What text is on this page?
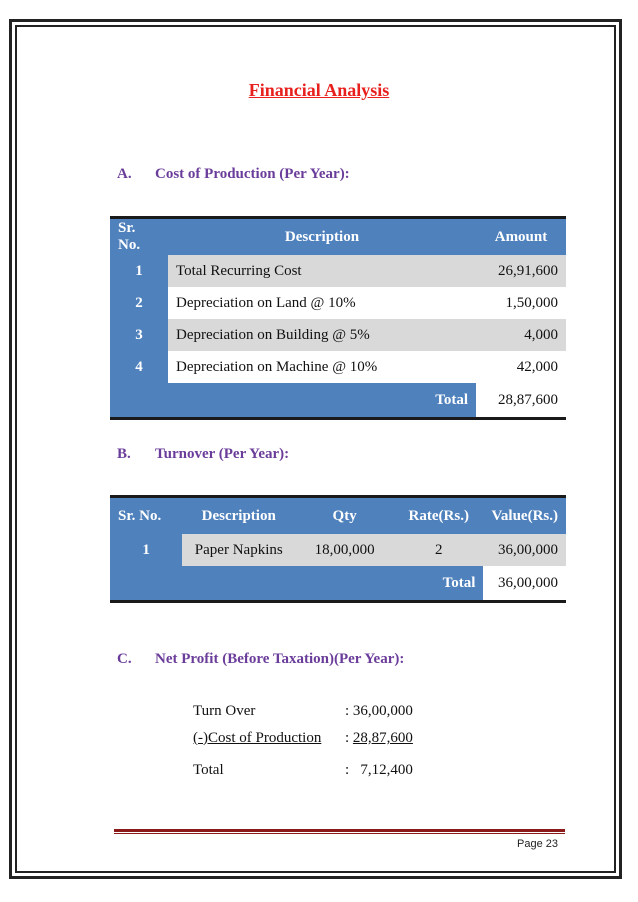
Financial Analysis
A. Cost of Production (Per Year):
Sr. No.	Description	Amount
1	Total Recurring Cost	26,91,600
2	Depreciation on Land @ 10%	1,50,000
3	Depreciation on Building @ 5%	4,000
4	Depreciation on Machine @ 10%	42,000
Total		28,87,600
B. Turnover (Per Year):
Sr. No.	Description	Qty	Rate(Rs.)	Value(Rs.)
1	Paper Napkins	18,00,000	2	36,00,000
Total				36,00,000
C. Net Profit (Before Taxation)(Per Year):
Turn Over	: 36,00,000
(-)Cost of Production : 28,87,600
Total	:   7,12,400
Page 23
